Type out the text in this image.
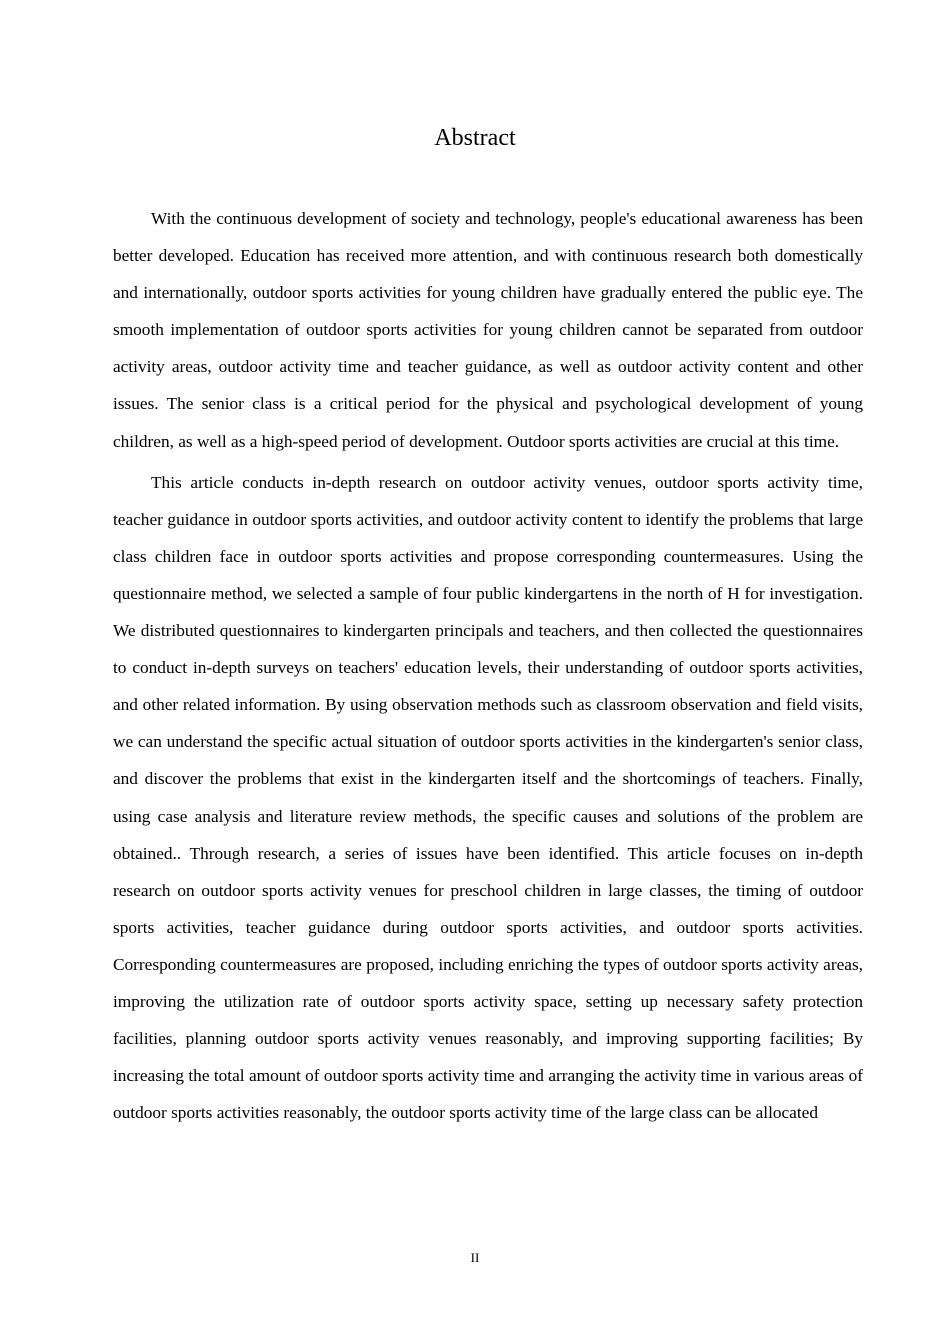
Abstract

With the continuous development of society and technology, people's educational awareness has been better developed. Education has received more attention, and with continuous research both domestically and internationally, outdoor sports activities for young children have gradually entered the public eye. The smooth implementation of outdoor sports activities for young children cannot be separated from outdoor activity areas, outdoor activity time and teacher guidance, as well as outdoor activity content and other issues. The senior class is a critical period for the physical and psychological development of young children, as well as a high-speed period of development. Outdoor sports activities are crucial at this time.

This article conducts in-depth research on outdoor activity venues, outdoor sports activity time, teacher guidance in outdoor sports activities, and outdoor activity content to identify the problems that large class children face in outdoor sports activities and propose corresponding countermeasures. Using the questionnaire method, we selected a sample of four public kindergartens in the north of H for investigation. We distributed questionnaires to kindergarten principals and teachers, and then collected the questionnaires to conduct in-depth surveys on teachers' education levels, their understanding of outdoor sports activities, and other related information. By using observation methods such as classroom observation and field visits, we can understand the specific actual situation of outdoor sports activities in the kindergarten's senior class, and discover the problems that exist in the kindergarten itself and the shortcomings of teachers. Finally, using case analysis and literature review methods, the specific causes and solutions of the problem are obtained.. Through research, a series of issues have been identified. This article focuses on in-depth research on outdoor sports activity venues for preschool children in large classes, the timing of outdoor sports activities, teacher guidance during outdoor sports activities, and outdoor sports activities. Corresponding countermeasures are proposed, including enriching the types of outdoor sports activity areas, improving the utilization rate of outdoor sports activity space, setting up necessary safety protection facilities, planning outdoor sports activity venues reasonably, and improving supporting facilities; By increasing the total amount of outdoor sports activity time and arranging the activity time in various areas of outdoor sports activities reasonably, the outdoor sports activity time of the large class can be allocated

II
